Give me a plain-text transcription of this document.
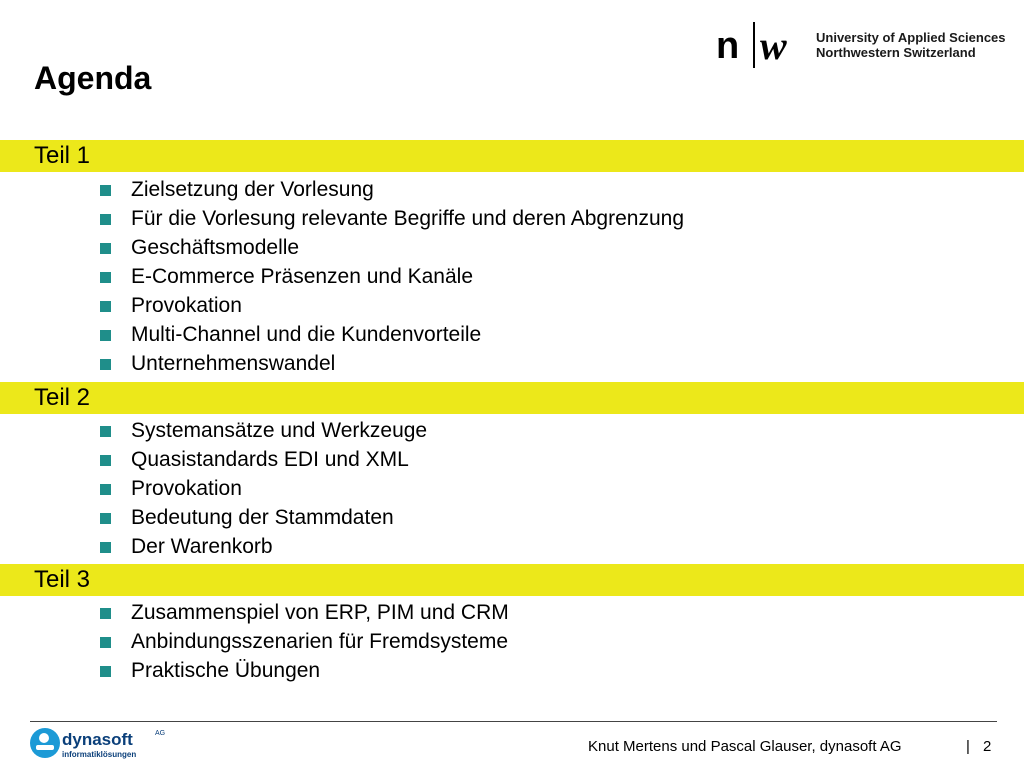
Agenda
n w University of Applied Sciences
Northwestern Switzerland
Teil 1
Zielsetzung der Vorlesung
Für die Vorlesung relevante Begriffe und deren Abgrenzung
Geschäftsmodelle
E-Commerce Präsenzen und Kanäle
Provokation
Multi-Channel und die Kundenvorteile
Unternehmenswandel
Teil 2
Systemansätze und Werkzeuge
Quasistandards EDI und XML
Provokation
Bedeutung der Stammdaten
Der Warenkorb
Teil 3
Zusammenspiel von ERP, PIM und CRM
Anbindungsszenarien für Fremdsysteme
Praktische Übungen
dynasoft	AG
informatiklösungen	Knut Mertens und Pascal Glauser, dynasoft AG	| 2
